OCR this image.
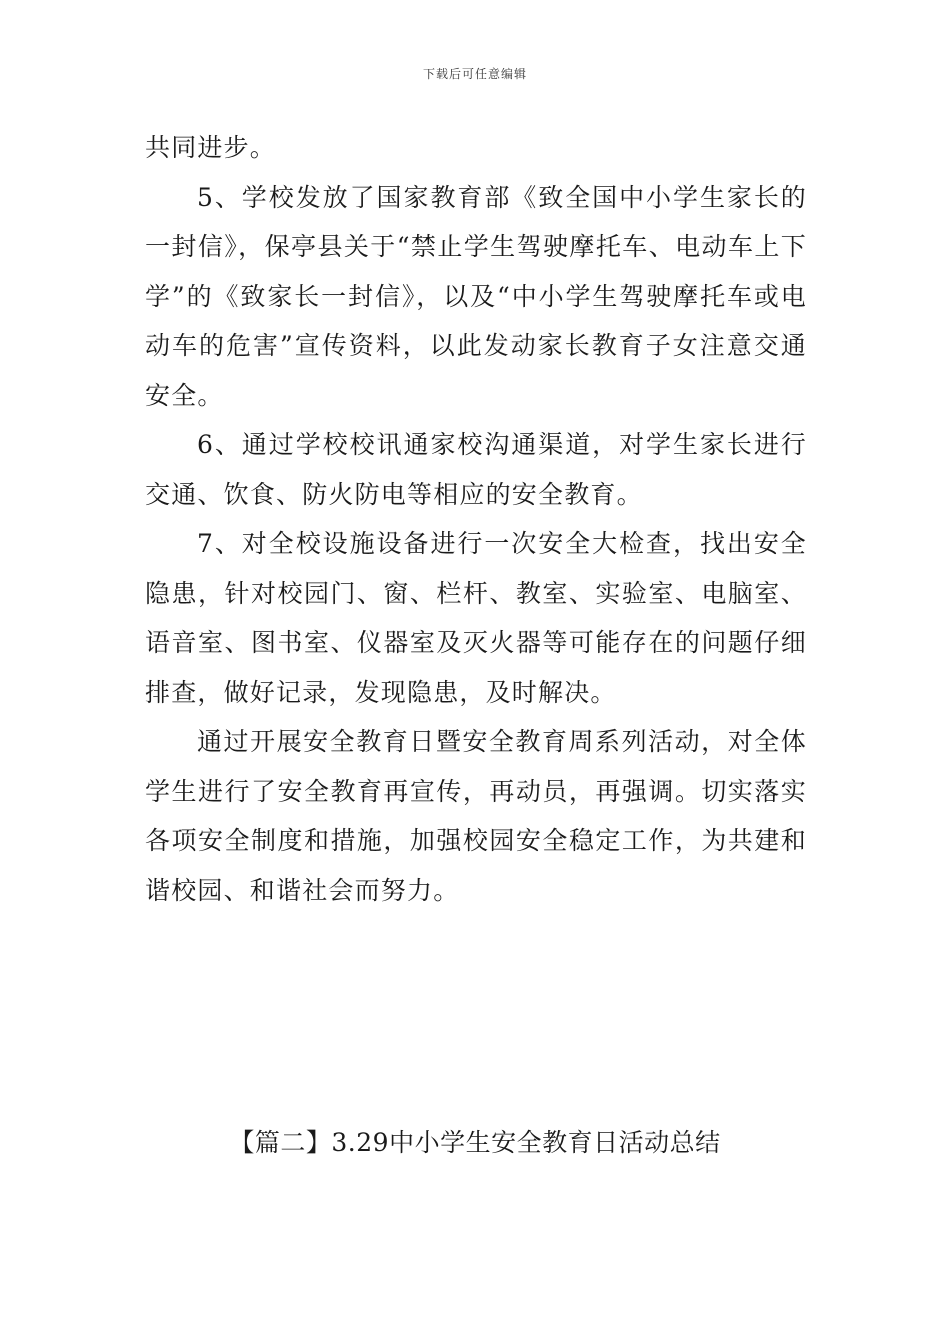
下载后可任意编辑

共同进步。

5、学校发放了国家教育部《致全国中小学生家长的一封信》，保亭县关于“禁止学生驾驶摩托车、电动车上下学”的《致家长一封信》，以及“中小学生驾驶摩托车或电动车的危害”宣传资料，以此发动家长教育子女注意交通安全。

6、通过学校校讯通家校沟通渠道，对学生家长进行交通、饮食、防火防电等相应的安全教育。

7、对全校设施设备进行一次安全大检查，找出安全隐患，针对校园门、窗、栏杆、教室、实验室、电脑室、语音室、图书室、仪器室及灭火器等可能存在的问题仔细排查，做好记录，发现隐患，及时解决。

通过开展安全教育日暨安全教育周系列活动，对全体学生进行了安全教育再宣传，再动员，再强调。切实落实各项安全制度和措施，加强校园安全稳定工作，为共建和谐校园、和谐社会而努力。

【篇二】3.29中小学生安全教育日活动总结
